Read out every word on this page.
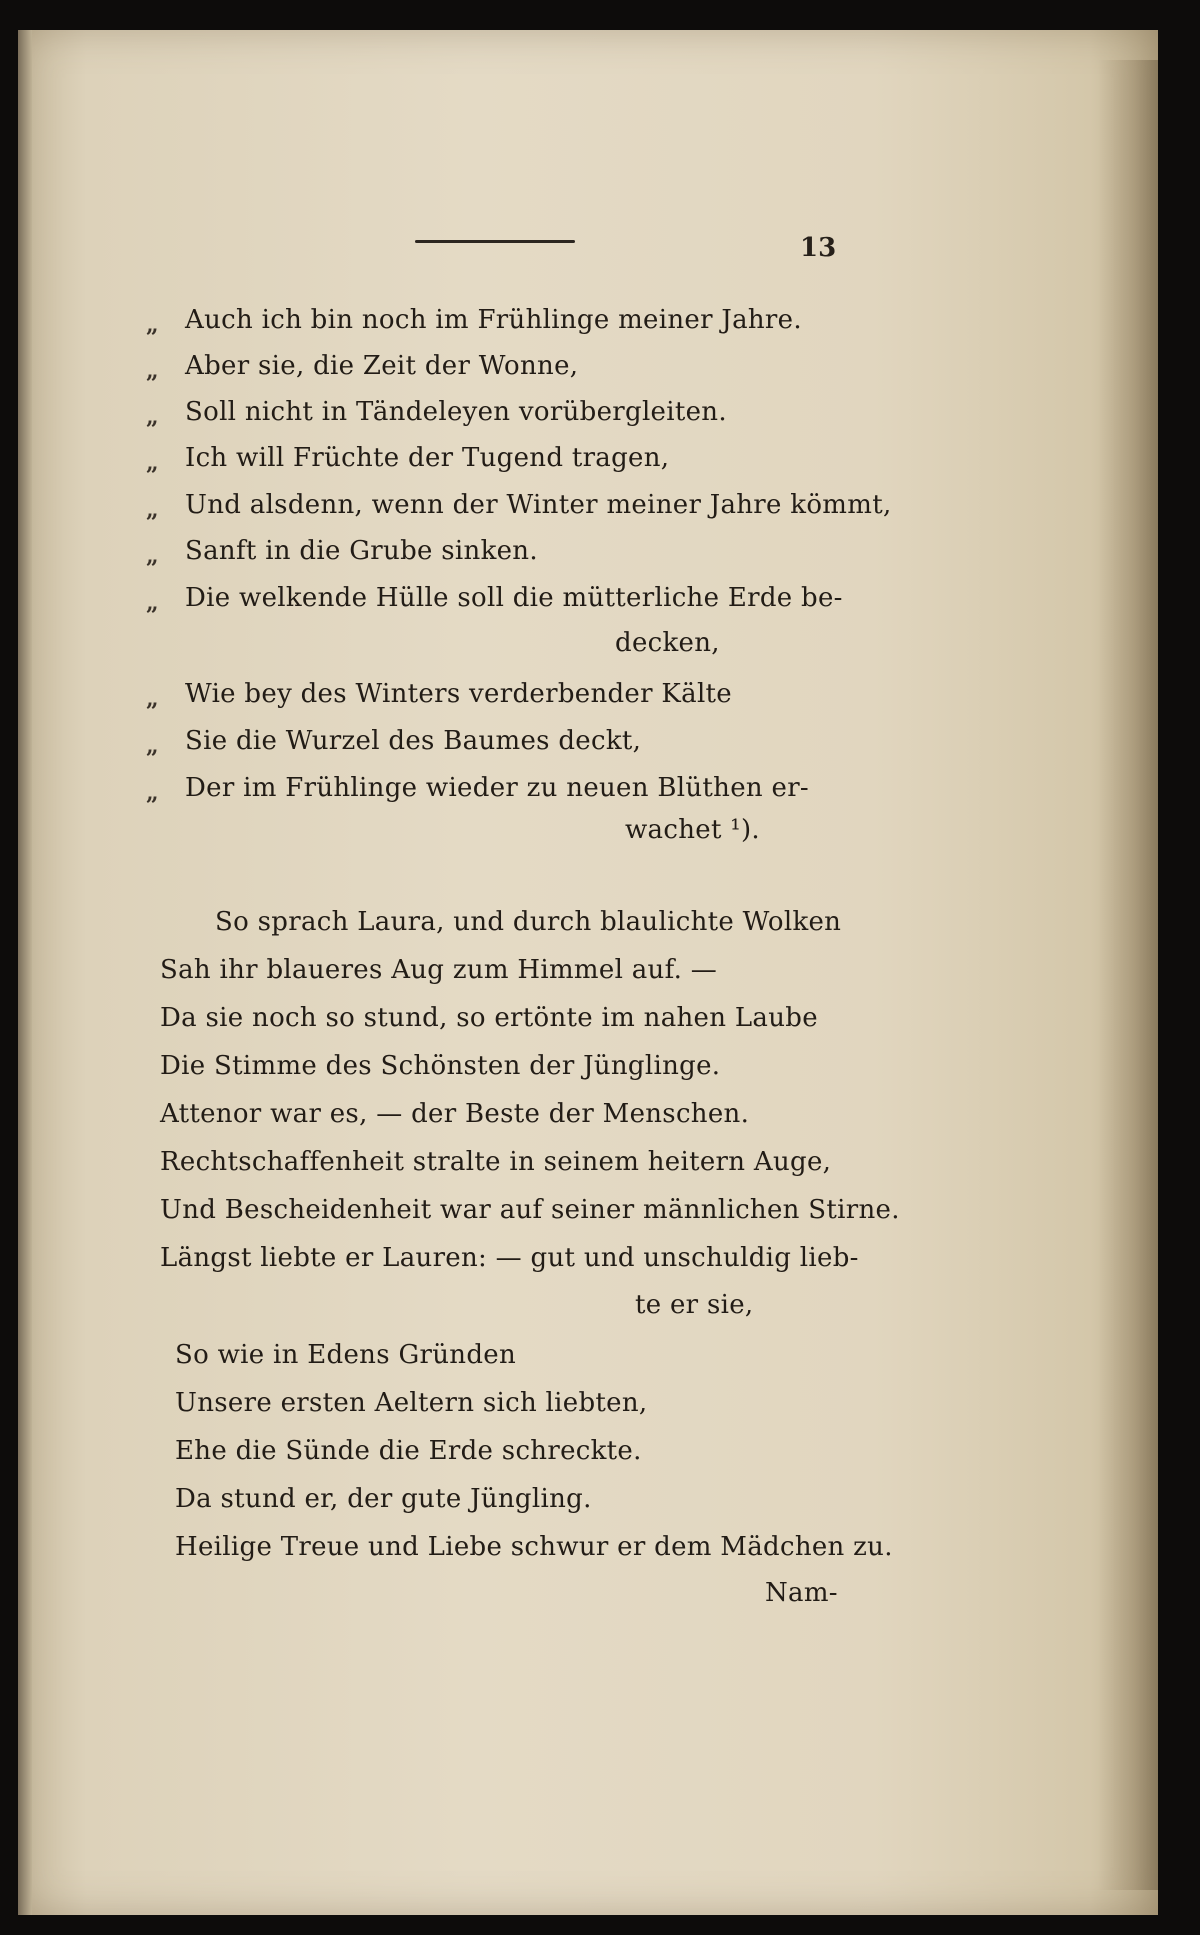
13
„
„
„
„
„
„
„
„
„
„
Auch ich bin noch im Frühlinge meiner Jahre.
Aber sie, die Zeit der Wonne,
Soll nicht in Tändeleyen vorübergleiten.
Ich will Früchte der Tugend tragen,
Und alsdenn, wenn der Winter meiner Jahre kömmt,
Sanft in die Grube sinken.
Die welkende Hülle soll die mütterliche Erde be-
decken,
Wie bey des Winters verderbender Kälte
Sie die Wurzel des Baumes deckt,
Der im Frühlinge wieder zu neuen Blüthen er-
wachet ¹).
So sprach Laura, und durch blaulichte Wolken
Sah ihr blaueres Aug zum Himmel auf. —
Da sie noch so stund, so ertönte im nahen Laube
Die Stimme des Schönsten der Jünglinge.
Attenor war es, — der Beste der Menschen.
Rechtschaffenheit stralte in seinem heitern Auge,
Und Bescheidenheit war auf seiner männlichen Stirne.
Längst liebte er Lauren: — gut und unschuldig lieb-
te er sie,
So wie in Edens Gründen
Unsere ersten Aeltern sich liebten,
Ehe die Sünde die Erde schreckte.
Da stund er, der gute Jüngling.
Heilige Treue und Liebe schwur er dem Mädchen zu.
Nam-
